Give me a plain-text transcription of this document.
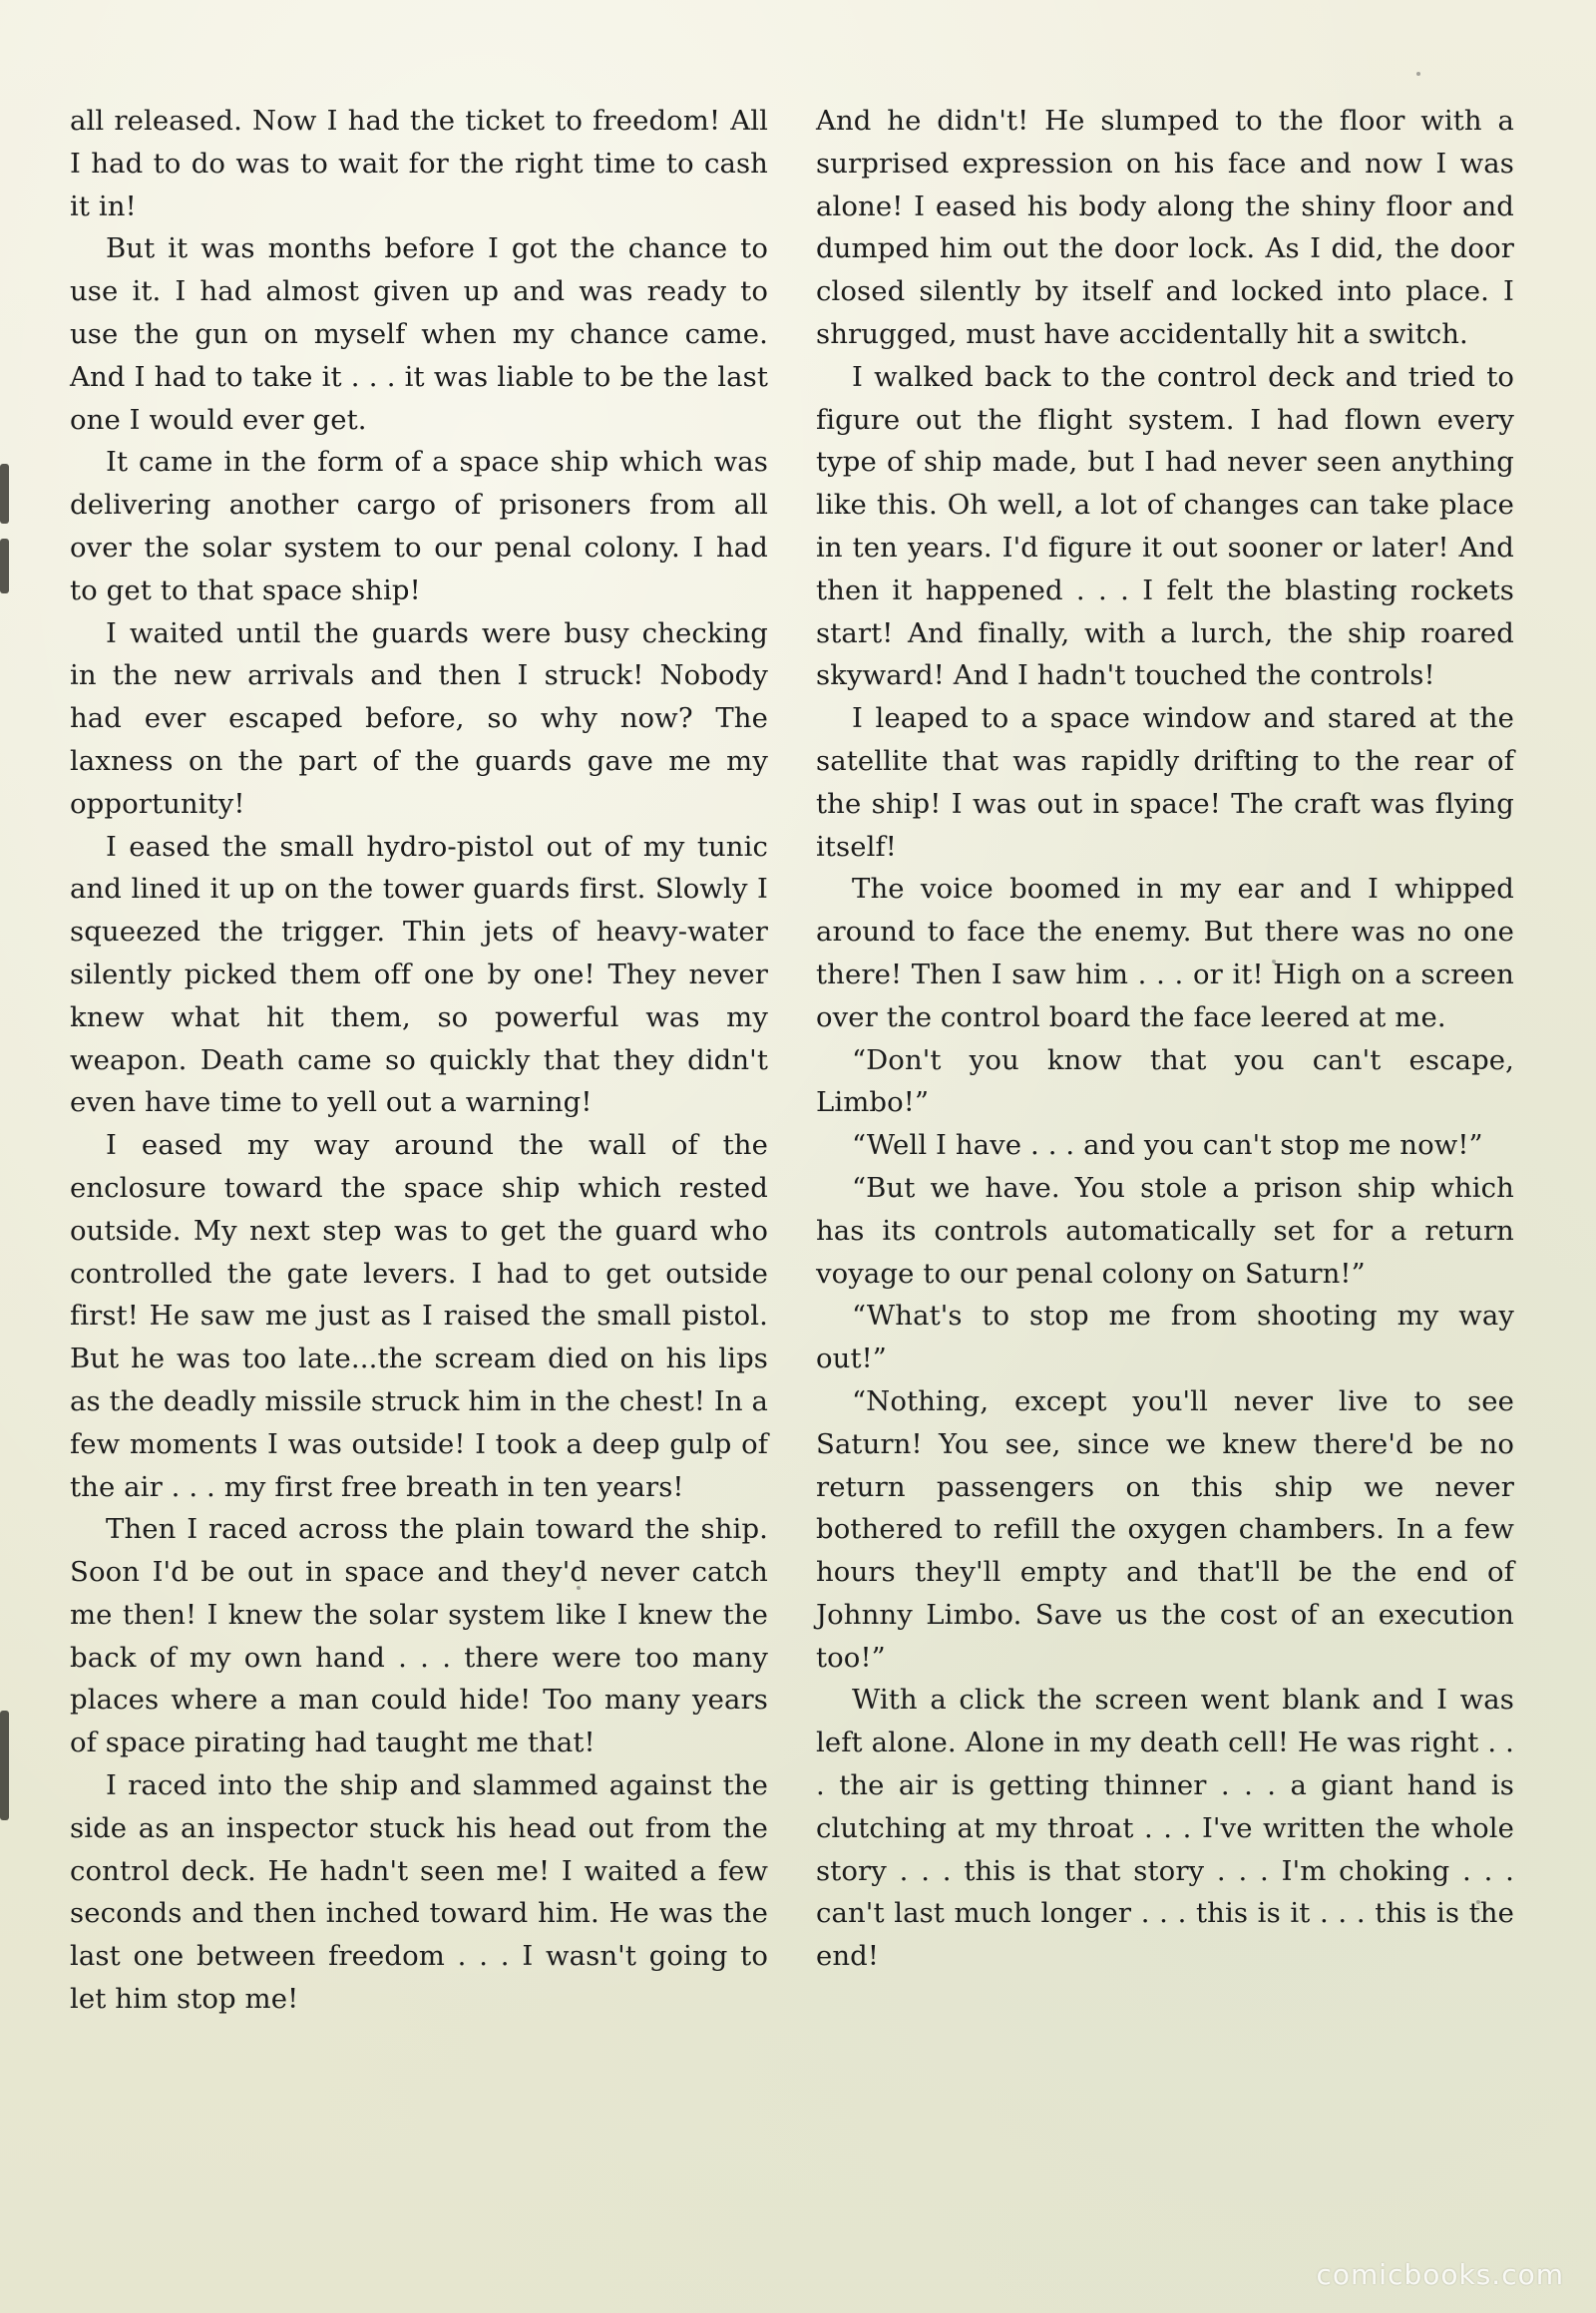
all released. Now I had the ticket to freedom! All I had to do was to wait for the right time to cash it in!

But it was months before I got the chance to use it. I had almost given up and was ready to use the gun on myself when my chance came. And I had to take it . . . it was liable to be the last one I would ever get.

It came in the form of a space ship which was delivering another cargo of prisoners from all over the solar system to our penal colony. I had to get to that space ship!

I waited until the guards were busy checking in the new arrivals and then I struck! Nobody had ever escaped before, so why now? The laxness on the part of the guards gave me my opportunity!

I eased the small hydro-pistol out of my tunic and lined it up on the tower guards first. Slowly I squeezed the trigger. Thin jets of heavy-water silently picked them off one by one! They never knew what hit them, so powerful was my weapon. Death came so quickly that they didn't even have time to yell out a warning!

I eased my way around the wall of the enclosure toward the space ship which rested outside. My next step was to get the guard who controlled the gate levers. I had to get outside first! He saw me just as I raised the small pistol. But he was too late...the scream died on his lips as the deadly missile struck him in the chest! In a few moments I was outside! I took a deep gulp of the air . . . my first free breath in ten years!

Then I raced across the plain toward the ship. Soon I'd be out in space and they'd never catch me then! I knew the solar system like I knew the back of my own hand . . . there were too many places where a man could hide! Too many years of space pirating had taught me that!

I raced into the ship and slammed against the side as an inspector stuck his head out from the control deck. He hadn't seen me! I waited a few seconds and then inched toward him. He was the last one between freedom . . . I wasn't going to let him stop me!

And he didn't! He slumped to the floor with a surprised expression on his face and now I was alone! I eased his body along the shiny floor and dumped him out the door lock. As I did, the door closed silently by itself and locked into place. I shrugged, must have accidentally hit a switch.

I walked back to the control deck and tried to figure out the flight system. I had flown every type of ship made, but I had never seen anything like this. Oh well, a lot of changes can take place in ten years. I'd figure it out sooner or later! And then it happened . . . I felt the blasting rockets start! And finally, with a lurch, the ship roared skyward! And I hadn't touched the controls!

I leaped to a space window and stared at the satellite that was rapidly drifting to the rear of the ship! I was out in space! The craft was flying itself!

The voice boomed in my ear and I whipped around to face the enemy. But there was no one there! Then I saw him . . . or it! High on a screen over the control board the face leered at me.

“Don't you know that you can't escape, Limbo!”

“Well I have . . . and you can't stop me now!”

“But we have. You stole a prison ship which has its controls automatically set for a return voyage to our penal colony on Saturn!”

“What's to stop me from shooting my way out!”

“Nothing, except you'll never live to see Saturn! You see, since we knew there'd be no return passengers on this ship we never bothered to refill the oxygen chambers. In a few hours they'll empty and that'll be the end of Johnny Limbo. Save us the cost of an execution too!”

With a click the screen went blank and I was left alone. Alone in my death cell! He was right . . . the air is getting thinner . . . a giant hand is clutching at my throat . . . I've written the whole story . . . this is that story . . . I'm choking . . . can't last much longer . . . this is it . . . this is the end!

comicbooks.com
